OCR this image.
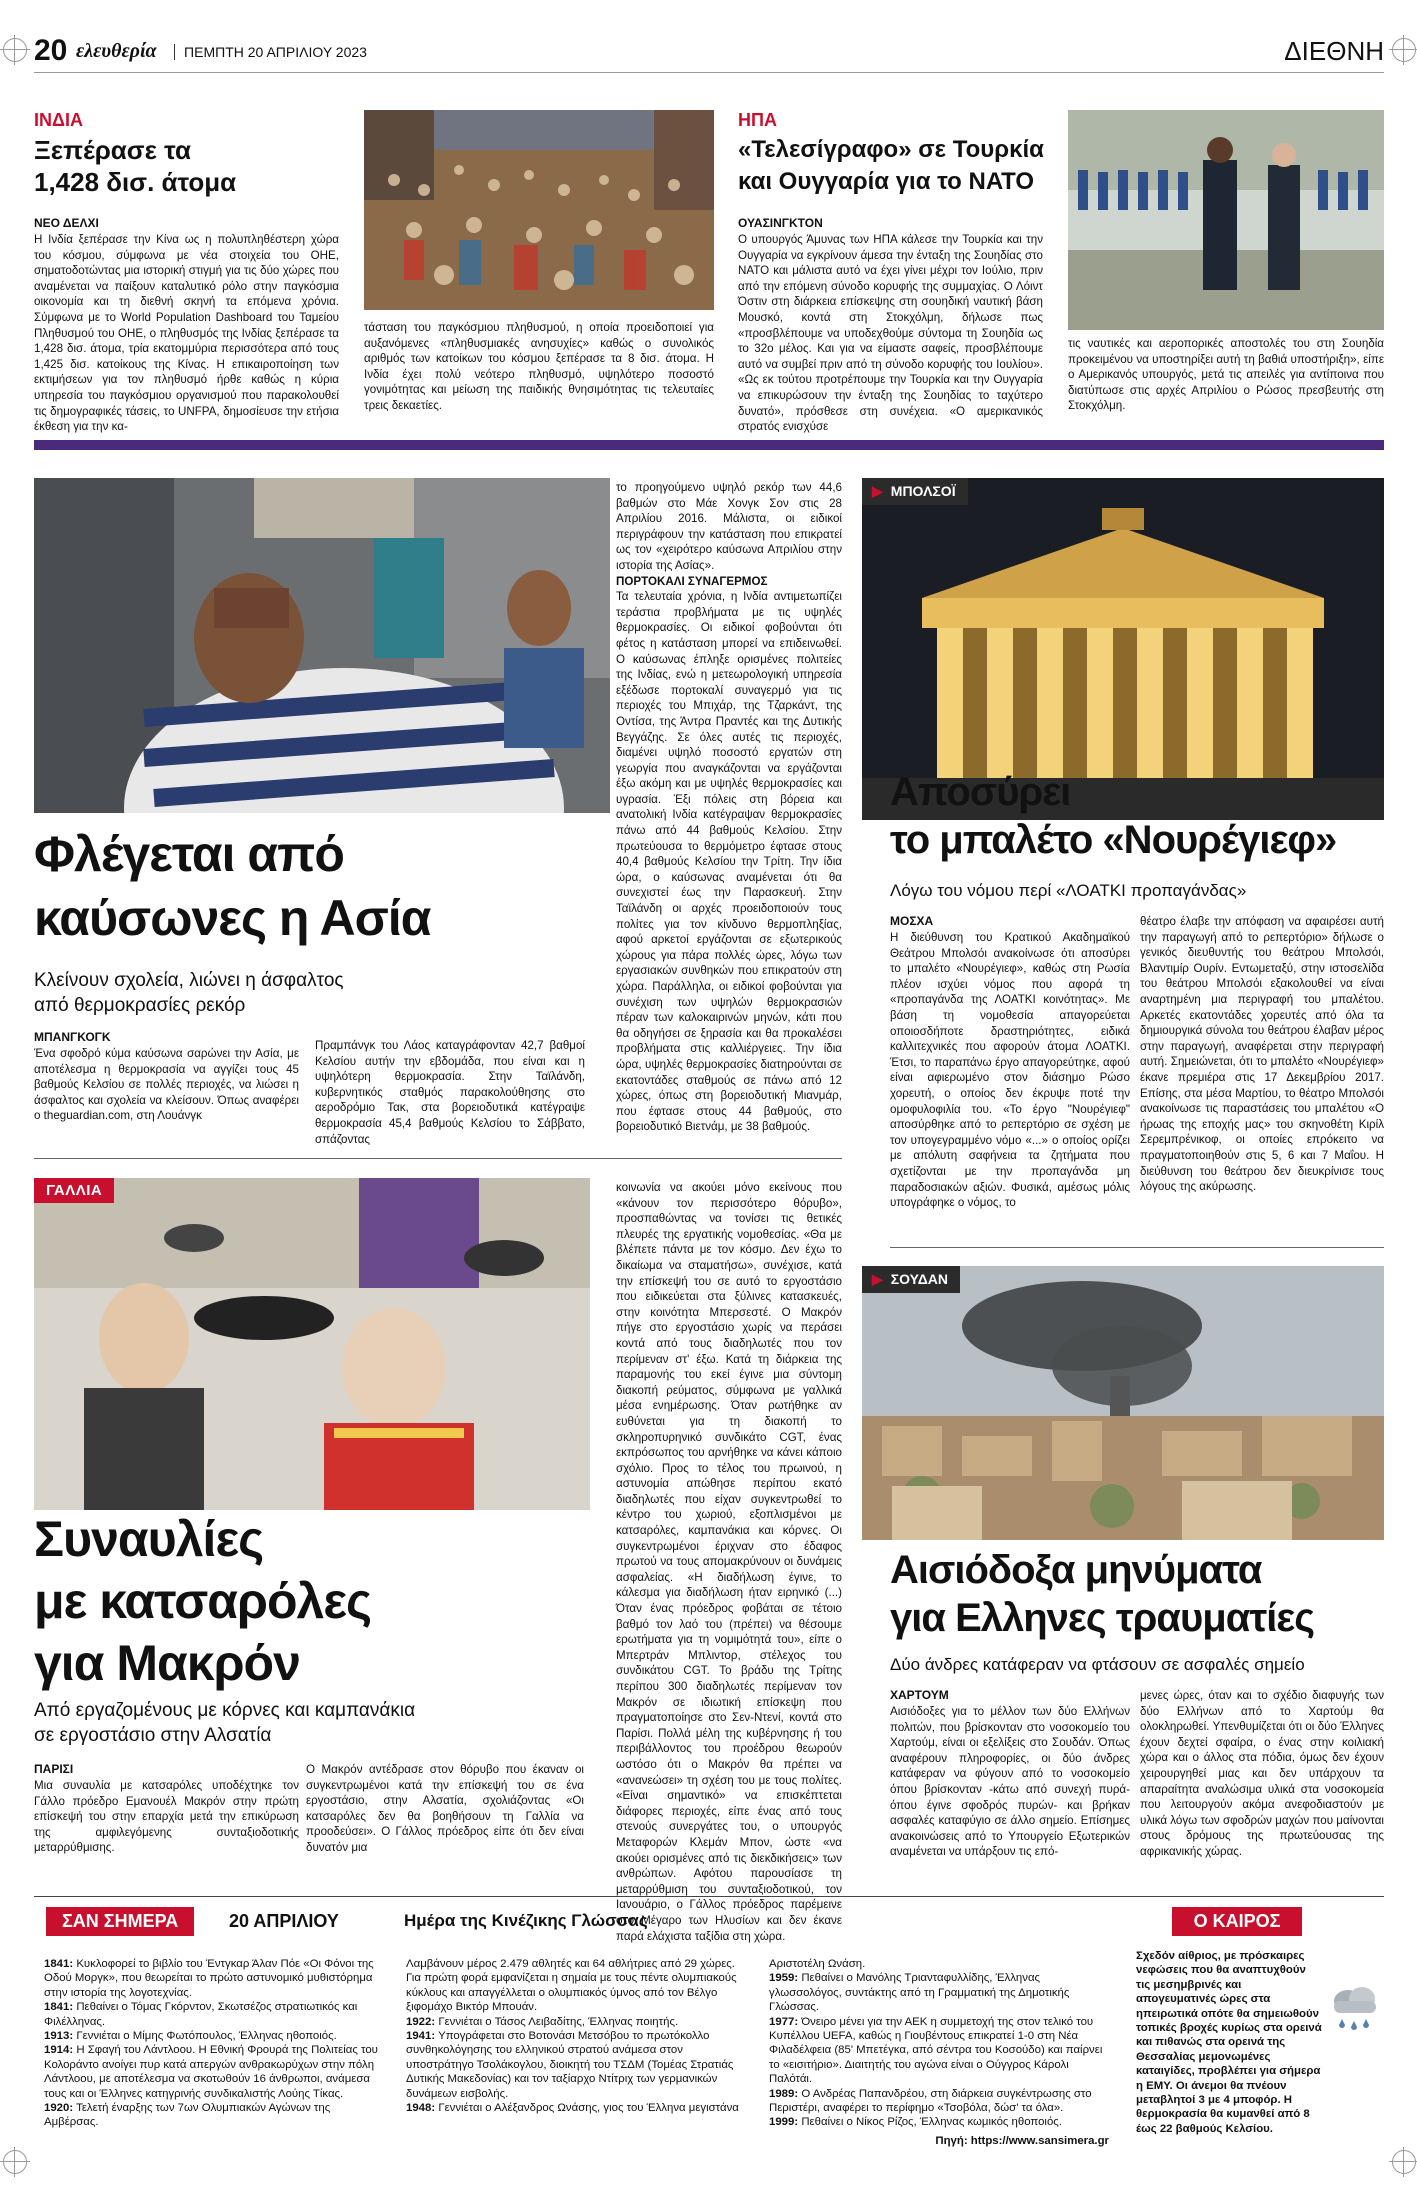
20 ελευθερία ΠΕΜΠΤΗ 20 ΑΠΡΙΛΙΟΥ 2023	ΔΙΕΘΝΗ
ΙΝΔΙΑ
Ξεπέρασε τα
1,428 δισ. άτομα
ΝΕΟ ΔΕΛΧΙ
Η Ινδία ξεπέρασε την Κίνα ως η πολυπληθέστερη χώρα του κόσμου, σύμφωνα με νέα στοιχεία του ΟΗΕ, σηματοδοτώντας μια ιστορική στιγμή για τις δύο χώρες που αναμένεται να παίξουν καταλυτικό ρόλο στην παγκόσμια οικονομία και τη διεθνή σκηνή τα επόμενα χρόνια. Σύμφωνα με το World Population Dashboard του Ταμείου Πληθυσμού του ΟΗΕ, ο πληθυσμός της Ινδίας ξεπέρασε τα 1,428 δισ. άτομα, τρία εκατομμύρια περισσότερα από τους 1,425 δισ. κατοίκους της Κίνας. Η επικαιροποίηση των εκτιμήσεων για τον πληθυσμό ήρθε καθώς η κύρια υπηρεσία του παγκόσμιου οργανισμού που παρακολουθεί τις δημογραφικές τάσεις, το UNFPA, δημοσίευσε την ετήσια έκθεση για την κα-
τάσταση του παγκόσμιου πληθυσμού, η οποία προειδοποιεί για αυξανόμενες «πληθυσμιακές ανησυχίες» καθώς ο συνολικός αριθμός των κατοίκων του κόσμου ξεπέρασε τα 8 δισ. άτομα. Η Ινδία έχει πολύ νεότερο πληθυσμό, υψηλότερο ποσοστό γονιμότητας και μείωση της παιδικής θνησιμότητας τις τελευταίες τρεις δεκαετίες.
ΗΠΑ
«Τελεσίγραφο» σε Τουρκία
και Ουγγαρία για το ΝΑΤΟ
ΟΥΑΣΙΝΓΚΤΟΝ
Ο υπουργός Άμυνας των ΗΠΑ κάλεσε την Τουρκία και την Ουγγαρία να εγκρίνουν άμεσα την ένταξη της Σουηδίας στο ΝΑΤΟ και μάλιστα αυτό να έχει γίνει μέχρι τον Ιούλιο, πριν από την επόμενη σύνοδο κορυφής της συμμαχίας. Ο Λόιντ Όστιν στη διάρκεια επίσκεψης στη σουηδική ναυτική βάση Μουσκό, κοντά στη Στοκχόλμη, δήλωσε πως «προσβλέπουμε να υποδεχθούμε σύντομα τη Σουηδία ως το 32ο μέλος. Και για να είμαστε σαφείς, προσβλέπουμε αυτό να συμβεί πριν από τη σύνοδο κορυφής του Ιουλίου». «Ως εκ τούτου προτρέπουμε την Τουρκία και την Ουγγαρία να επικυρώσουν την ένταξη της Σουηδίας το ταχύτερο δυνατό», πρόσθεσε στη συνέχεια. «Ο αμερικανικός στρατός ενισχύσε
τις ναυτικές και αεροπορικές αποστολές του στη Σουηδία προκειμένου να υποστηρίξει αυτή τη βαθιά υποστήριξη», είπε ο Αμερικανός υπουργός, μετά τις απειλές για αντίποινα που διατύπωσε στις αρχές Απριλίου ο Ρώσος πρεσβευτής στη Στοκχόλμη.
Φλέγεται από
καύσωνες η Ασία
Κλείνουν σχολεία, λιώνει η άσφαλτος
από θερμοκρασίες ρεκόρ
ΜΠΑΝΓΚΟΓΚ
Ένα σφοδρό κύμα καύσωνα σαρώνει την Ασία, με αποτέλεσμα η θερμοκρασία να αγγίζει τους 45 βαθμούς Κελσίου σε πολλές περιοχές, να λιώσει η άσφαλτος και σχολεία να κλείσουν. Όπως αναφέρει ο theguardian.com, στη Λουάνγκ
Πραμπάνγκ του Λάος καταγράφονταν 42,7 βαθμοί Κελσίου αυτήν την εβδομάδα, που είναι και η υψηλότερη θερμοκρασία. Στην Ταϊλάνδη, κυβερνητικός σταθμός παρακολούθησης στο αεροδρόμιο Τακ, στα βορειοδυτικά κατέγραψε θερμοκρασία 45,4 βαθμούς Κελσίου το Σάββατο, σπάζοντας
το προηγούμενο υψηλό ρεκόρ των 44,6 βαθμών στο Μάε Χονγκ Σον στις 28 Απριλίου 2016. Μάλιστα, οι ειδικοί περιγράφουν την κατάσταση που επικρατεί ως τον «χειρότερο καύσωνα Απριλίου στην ιστορία της Ασίας».
ΠΟΡΤΟΚΑΛΙ ΣΥΝΑΓΕΡΜΟΣ
Τα τελευταία χρόνια, η Ινδία αντιμετωπίζει τεράστια προβλήματα με τις υψηλές θερμοκρασίες. Οι ειδικοί φοβούνται ότι φέτος η κατάσταση μπορεί να επιδεινωθεί. Ο καύσωνας έπληξε ορισμένες πολιτείες της Ινδίας, ενώ η μετεωρολογική υπηρεσία εξέδωσε πορτοκαλί συναγερμό για τις περιοχές του Μπιχάρ, της Τζαρκάντ, της Οντίσα, της Άντρα Πραντές και της Δυτικής Βεγγάζης. Σε όλες αυτές τις περιοχές, διαμένει υψηλό ποσοστό εργατών στη γεωργία που αναγκάζονται να εργάζονται έξω ακόμη και με υψηλές θερμοκρασίες και υγρασία. Έξι πόλεις στη βόρεια και ανατολική Ινδία κατέγραψαν θερμοκρασίες πάνω από 44 βαθμούς Κελσίου. Στην πρωτεύουσα το θερμόμετρο έφτασε στους 40,4 βαθμούς Κελσίου την Τρίτη. Την ίδια ώρα, ο καύσωνας αναμένεται ότι θα συνεχιστεί έως την Παρασκευή. Στην Ταϊλάνδη οι αρχές προειδοποιούν τους πολίτες για τον κίνδυνο θερμοπληξίας, αφού αρκετοί εργάζονται σε εξωτερικούς χώρους για πάρα πολλές ώρες, λόγω των εργασιακών συνθηκών που επικρατούν στη χώρα. Παράλληλα, οι ειδικοί φοβούνται για συνέχιση των υψηλών θερμοκρασιών πέραν των καλοκαιρινών μηνών, κάτι που θα οδηγήσει σε ξηρασία και θα προκαλέσει προβλήματα στις καλλιέργειες. Την ίδια ώρα, υψηλές θερμοκρασίες διατηρούνται σε εκατοντάδες σταθμούς σε πάνω από 12 χώρες, όπως στη βορειοδυτική Μιανμάρ, που έφτασε στους 44 βαθμούς, στο βορειοδυτικό Βιετνάμ, με 38 βαθμούς.
▶ ΜΠΟΛΣΟΪ
Αποσύρει
το μπαλέτο «Νουρέγιεφ»
Λόγω του νόμου περί «ΛΟΑΤΚΙ προπαγάνδας»
ΜΟΣΧΑ
Η διεύθυνση του Κρατικού Ακαδημαϊκού Θεάτρου Μπολσόι ανακοίνωσε ότι αποσύρει το μπαλέτο «Νουρέγιεφ», καθώς στη Ρωσία πλέον ισχύει νόμος που αφορά τη «προπαγάνδα της ΛΟΑΤΚΙ κοινότητας». Με βάση τη νομοθεσία απαγορεύεται οποιοσδήποτε δραστηριότητες, ειδικά καλλιτεχνικές που αφορούν άτομα ΛΟΑΤΚΙ. Έτσι, το παραπάνω έργο απαγορεύτηκε, αφού είναι αφιερωμένο στον διάσημο Ρώσο χορευτή, ο οποίος δεν έκρυψε ποτέ την ομοφυλοφιλία του. «Το έργο "Νουρέγιεφ" αποσύρθηκε από το ρεπερτόριο σε σχέση με τον υπογεγραμμένο νόμο «...» ο οποίος ορίζει με απόλυτη σαφήνεια τα ζητήματα που σχετίζονται με την προπαγάνδα μη παραδοσιακών αξιών. Φυσικά, αμέσως μόλις υπογράφηκε ο νόμος, το
θέατρο έλαβε την απόφαση να αφαιρέσει αυτή την παραγωγή από το ρεπερτόριο» δήλωσε ο γενικός διευθυντής του θεάτρου Μπολσόι, Βλαντιμίρ Ουρίν. Εντωμεταξύ, στην ιστοσελίδα του θεάτρου Μπολσόι εξακολουθεί να είναι αναρτημένη μια περιγραφή του μπαλέτου. Αρκετές εκατοντάδες χορευτές από όλα τα δημιουργικά σύνολα του θεάτρου έλαβαν μέρος στην παραγωγή, αναφέρεται στην περιγραφή αυτή. Σημειώνεται, ότι το μπαλέτο «Νουρέγιεφ» έκανε πρεμιέρα στις 17 Δεκεμβρίου 2017. Επίσης, στα μέσα Μαρτίου, το θέατρο Μπολσόι ανακοίνωσε τις παραστάσεις του μπαλέτου «Ο ήρωας της εποχής μας» του σκηνοθέτη Κιρίλ Σερεμπρένικοφ, οι οποίες επρόκειτο να πραγματοποιηθούν στις 5, 6 και 7 Μαΐου. Η διεύθυνση του θεάτρου δεν διευκρίνισε τους λόγους της ακύρωσης.
ΓΑΛΛΙΑ
Συναυλίες
με κατσαρόλες
για Μακρόν
Από εργαζομένους με κόρνες και καμπανάκια
σε εργοστάσιο στην Αλσατία
ΠΑΡΙΣΙ
Μια συναυλία με κατσαρόλες υποδέχτηκε τον Γάλλο πρόεδρο Εμανουέλ Μακρόν στην πρώτη επίσκεψή του στην επαρχία μετά την επικύρωση της αμφιλεγόμενης συνταξιοδοτικής μεταρρύθμισης.
Ο Μακρόν αντέδρασε στον θόρυβο που έκαναν οι συγκεντρωμένοι κατά την επίσκεψή του σε ένα εργοστάσιο, στην Αλσατία, σχολιάζοντας «Οι κατσαρόλες δεν θα βοηθήσουν τη Γαλλία να προοδεύσει». Ο Γάλλος πρόεδρος είπε ότι δεν είναι δυνατόν μια
κοινωνία να ακούει μόνο εκείνους που «κάνουν τον περισσότερο θόρυβο», προσπαθώντας να τονίσει τις θετικές πλευρές της εργατικής νομοθεσίας. «Θα με βλέπετε πάντα με τον κόσμο. Δεν έχω το δικαίωμα να σταματήσω», συνέχισε, κατά την επίσκεψή του σε αυτό το εργοστάσιο που ειδικεύεται στα ξύλινες κατασκευές, στην κοινότητα Μπερσεστέ. Ο Μακρόν πήγε στο εργοστάσιο χωρίς να περάσει κοντά από τους διαδηλωτές που τον περίμεναν στ' έξω. Κατά τη διάρκεια της παραμονής του εκεί έγινε μια σύντομη διακοπή ρεύματος, σύμφωνα με γαλλικά μέσα ενημέρωσης. Όταν ρωτήθηκε αν ευθύνεται για τη διακοπή το σκληροπυρηνικό συνδικάτο CGT, ένας εκπρόσωπος του αρνήθηκε να κάνει κάποιο σχόλιο. Προς το τέλος του πρωινού, η αστυνομία απώθησε περίπου εκατό διαδηλωτές που είχαν συγκεντρωθεί το κέντρο του χωριού, εξοπλισμένοι με κατσαρόλες, καμπανάκια και κόρνες. Οι συγκεντρωμένοι έριχναν στο έδαφος πρωτού να τους απομακρύνουν οι δυνάμεις ασφαλείας. «Η διαδήλωση έγινε, το κάλεσμα για διαδήλωση ήταν ειρηνικό (...) Όταν ένας πρόεδρος φοβάται σε τέτοιο βαθμό τον λαό του (πρέπει) να θέσουμε ερωτήματα για τη νομιμότητά του», είπε ο Μπερτράν Μπλιντορ, στέλεχος του συνδικάτου CGT. Το βράδυ της Τρίτης περίπου 300 διαδηλωτές περίμεναν τον Μακρόν σε ιδιωτική επίσκεψη που πραγματοποίησε στο Σεν-Ντενί, κοντά στο Παρίσι. Πολλά μέλη της κυβέρνησης ή του περιβάλλοντος του προέδρου θεωρούν ωστόσο ότι ο Μακρόν θα πρέπει να «ανανεώσει» τη σχέση του με τους πολίτες. «Είναι σημαντικό» να επισκέπτεται διάφορες περιοχές, είπε ένας από τους στενούς συνεργάτες του, ο υπουργός Μεταφορών Κλεμάν Μπον, ώστε «να ακούει ορισμένες από τις διεκδικήσεις» των ανθρώπων. Αφότου παρουσίασε τη μεταρρύθμιση του συνταξιοδοτικού, τον Ιανουάριο, ο Γάλλος πρόεδρος παρέμεινε στο Μέγαρο των Ηλυσίων και δεν έκανε παρά ελάχιστα ταξίδια στη χώρα.
▶ ΣΟΥΔΑΝ
Αισιόδοξα μηνύματα
για Ελληνες τραυματίες
Δύο άνδρες κατάφεραν να φτάσουν σε ασφαλές σημείο
ΧΑΡΤΟΥΜ
Αισιόδοξες για το μέλλον των δύο Ελλήνων πολιτών, που βρίσκονταν στο νοσοκομείο του Χαρτούμ, είναι οι εξελίξεις στο Σουδάν. Όπως αναφέρουν πληροφορίες, οι δύο άνδρες κατάφεραν να φύγουν από το νοσοκομείο όπου βρίσκονταν -κάτω από συνεχή πυρά- όπου έγινε σφοδρός πυρών- και βρήκαν ασφαλές καταφύγιο σε άλλο σημείο. Επίσημες ανακοινώσεις από το Υπουργείο Εξωτερικών αναμένεται να υπάρξουν τις επό-
μενες ώρες, όταν και το σχέδιο διαφυγής των δύο Ελλήνων από το Χαρτούμ θα ολοκληρωθεί. Υπενθυμίζεται ότι οι δύο Έλληνες έχουν δεχτεί σφαίρα, ο ένας στην κοιλιακή χώρα και ο άλλος στα πόδια, όμως δεν έχουν χειρουργηθεί μιας και δεν υπάρχουν τα απαραίτητα αναλώσιμα υλικά στα νοσοκομεία που λειτουργούν ακόμα ανεφοδιαστούν με υλικά λόγω των σφοδρών μαχών που μαίνονται στους δρόμους της πρωτεύουσας της αφρικανικής χώρας.
ΣΑΝ ΣΗΜΕΡΑ	20 ΑΠΡΙΛΙΟΥ	Ημέρα της Κινέζικης Γλώσσας
1841: Κυκλοφορεί το βιβλίο του Έντγκαρ Άλαν Πόε «Οι Φόνοι της Οδού Μοργκ», που θεωρείται το πρώτο αστυνομικό μυθιστόρημα στην ιστορία της λογοτεχνίας.
1841: Πεθαίνει ο Τόμας Γκόρντον, Σκωτσέζος στρατιωτικός και Φιλέλληνας.
1913: Γεννιέται ο Μίμης Φωτόπουλος, Έλληνας ηθοποιός.
1914: Η Σφαγή του Λάντλοου. Η Εθνική Φρουρά της Πολιτείας του Κολοράντο ανοίγει πυρ κατά απεργών ανθρακωρύχων στην πόλη Λάντλοου, με αποτέλεσμα να σκοτωθούν 16 άνθρωποι, ανάμεσα τους και οι Έλληνες κατηγρινής συνδικαλιστής Λούης Τίκας.
1920: Τελετή έναρξης των 7ων Ολυμπιακών Αγώνων της Αμβέρσας.
Λαμβάνουν μέρος 2.479 αθλητές και 64 αθλήτριες από 29 χώρες. Για πρώτη φορά εμφανίζεται η σημαία με τους πέντε ολυμπιακούς κύκλους και απαγγέλλεται ο ολυμπιακός ύμνος από τον Βέλγο ξιφομάχο Βικτόρ Μπουάν.
1922: Γεννιέται ο Τάσος Λειβαδίτης, Έλληνας ποιητής.
1941: Υπογράφεται στο Βοτονάσι Μετσόβου το πρωτόκολλο συνθηκολόγησης του ελληνικού στρατού ανάμεσα στον υποστράτηγο Τσολάκογλου, διοικητή του ΤΣΔΜ (Τομέας Στρατιάς Δυτικής Μακεδονίας) και τον ταξίαρχο Ντίτριχ των γερμανικών δυνάμεων εισβολής.
1948: Γεννιέται ο Αλέξανδρος Ωνάσης, γιος του Έλληνα μεγιστάνα
Αριστοτέλη Ωνάση.
1959: Πεθαίνει ο Μανόλης Τριανταφυλλίδης, Έλληνας γλωσσολόγος, συντάκτης από τη Γραμματική της Δημοτικής Γλώσσας.
1977: Όνειρο μένει για την ΑΕΚ η συμμετοχή της στον τελικό του Κυπέλλου UEFA, καθώς η Γιουβέντους επικρατεί 1-0 στη Νέα Φιλαδέλφεια (85' Μπετέγκα, από σέντρα του Κοσούδο) και παίρνει το «εισιτήριο». Διαιτητής του αγώνα είναι ο Ούγγρος Κάρολι Παλότάι.
1989: Ο Ανδρέας Παπανδρέου, στη διάρκεια συγκέντρωσης στο Περιστέρι, αναφέρει το περίφημο «Τσοβόλα, δώσ' τα όλα».
1999: Πεθαίνει ο Νίκος Ρίζος, Έλληνας κωμικός ηθοποιός.
Πηγή: https://www.sansimera.gr
Ο ΚΑΙΡΟΣ
Σχεδόν αίθριος, με πρόσκαιρες νεφώσεις που θα αναπτυχθούν τις μεσημβρινές και απογευματινές ώρες στα ηπειρωτικά οπότε θα σημειωθούν τοπικές βροχές κυρίως στα ορεινά και πιθανώς στα ορεινά της Θεσσαλίας μεμονωμένες καταιγίδες, προβλέπει για σήμερα η ΕΜΥ. Οι άνεμοι θα πνέουν μεταβλητοί 3 με 4 μποφόρ. Η θερμοκρασία θα κυμανθεί από 8 έως 22 βαθμούς Κελσίου.
